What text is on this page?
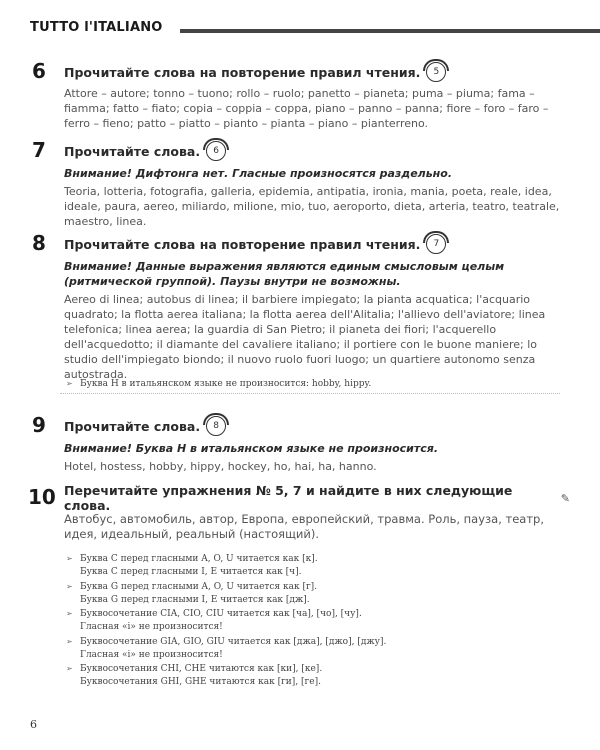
TUTTO l'ITALIANO
6 Прочитайте слова на повторение правил чтения. 5
Attore – autore; tonno – tuono; rollo – ruolo; panetto – pianeta; puma – piuma; fama – fiamma; fatto – fiato; copia – coppia – coppa, piano – panno – panna; fiore – foro – faro – ferro – fieno; patto – piatto – pianto – pianta – piano – pianterreno.
7 Прочитайте слова. 6
Внимание! Дифтонга нет. Гласные произносятся раздельно.
Teoria, lotteria, fotografia, galleria, epidemia, antipatia, ironia, mania, poeta, reale, idea, ideale, paura, aereo, miliardo, milione, mio, tuo, aeroporto, dieta, arteria, teatro, teatrale, maestro, linea.
8 Прочитайте слова на повторение правил чтения. 7
Внимание! Данные выражения являются единым смысловым целым (ритмической группой). Паузы внутри не возможны.
Aereo di linea; autobus di linea; il barbiere impiegato; la pianta acquatica; l'acquario quadrato; la flotta aerea italiana; la flotta aerea dell'Alitalia; l'allievo dell'aviatore; linea telefonica; linea aerea; la guardia di San Pietro; il pianeta dei fiori; l'acquerello dell'acquedotto; il diamante del cavaliere italiano; il portiere con le buone maniere; lo studio dell'impiegato biondo; il nuovo ruolo fuori luogo; un quartiere autonomo senza autostrada.
➢ Буква H в итальянском языке не произносится: hobby, hippy.
9 Прочитайте слова. 8
Внимание! Буква H в итальянском языке не произносится.
Hotel, hostess, hobby, hippy, hockey, ho, hai, ha, hanno.
10 Перечитайте упражнения № 5, 7 и найдите в них следующие слова.	✎
Автобус, автомобиль, автор, Европа, европейский, травма. Роль, пауза, театр, идея, идеальный, реальный (настоящий).
➢ Буква C перед гласными A, O, U читается как [к].
Буква C перед гласными I, E читается как [ч].
➢ Буква G перед гласными A, O, U читается как [г].
Буква G перед гласными I, E читается как [дж].
➢ Буквосочетание CIA, CIO, CIU читается как [ча], [чо], [чу].
Гласная «i» не произносится!
➢ Буквосочетание GIA, GIO, GIU читается как [джа], [джо], [джу].
Гласная «i» не произносится!
➢ Буквосочетания CHI, CHE читаются как [ки], [ке].
Буквосочетания GHI, GHE читаются как [ги], [ге].
6
